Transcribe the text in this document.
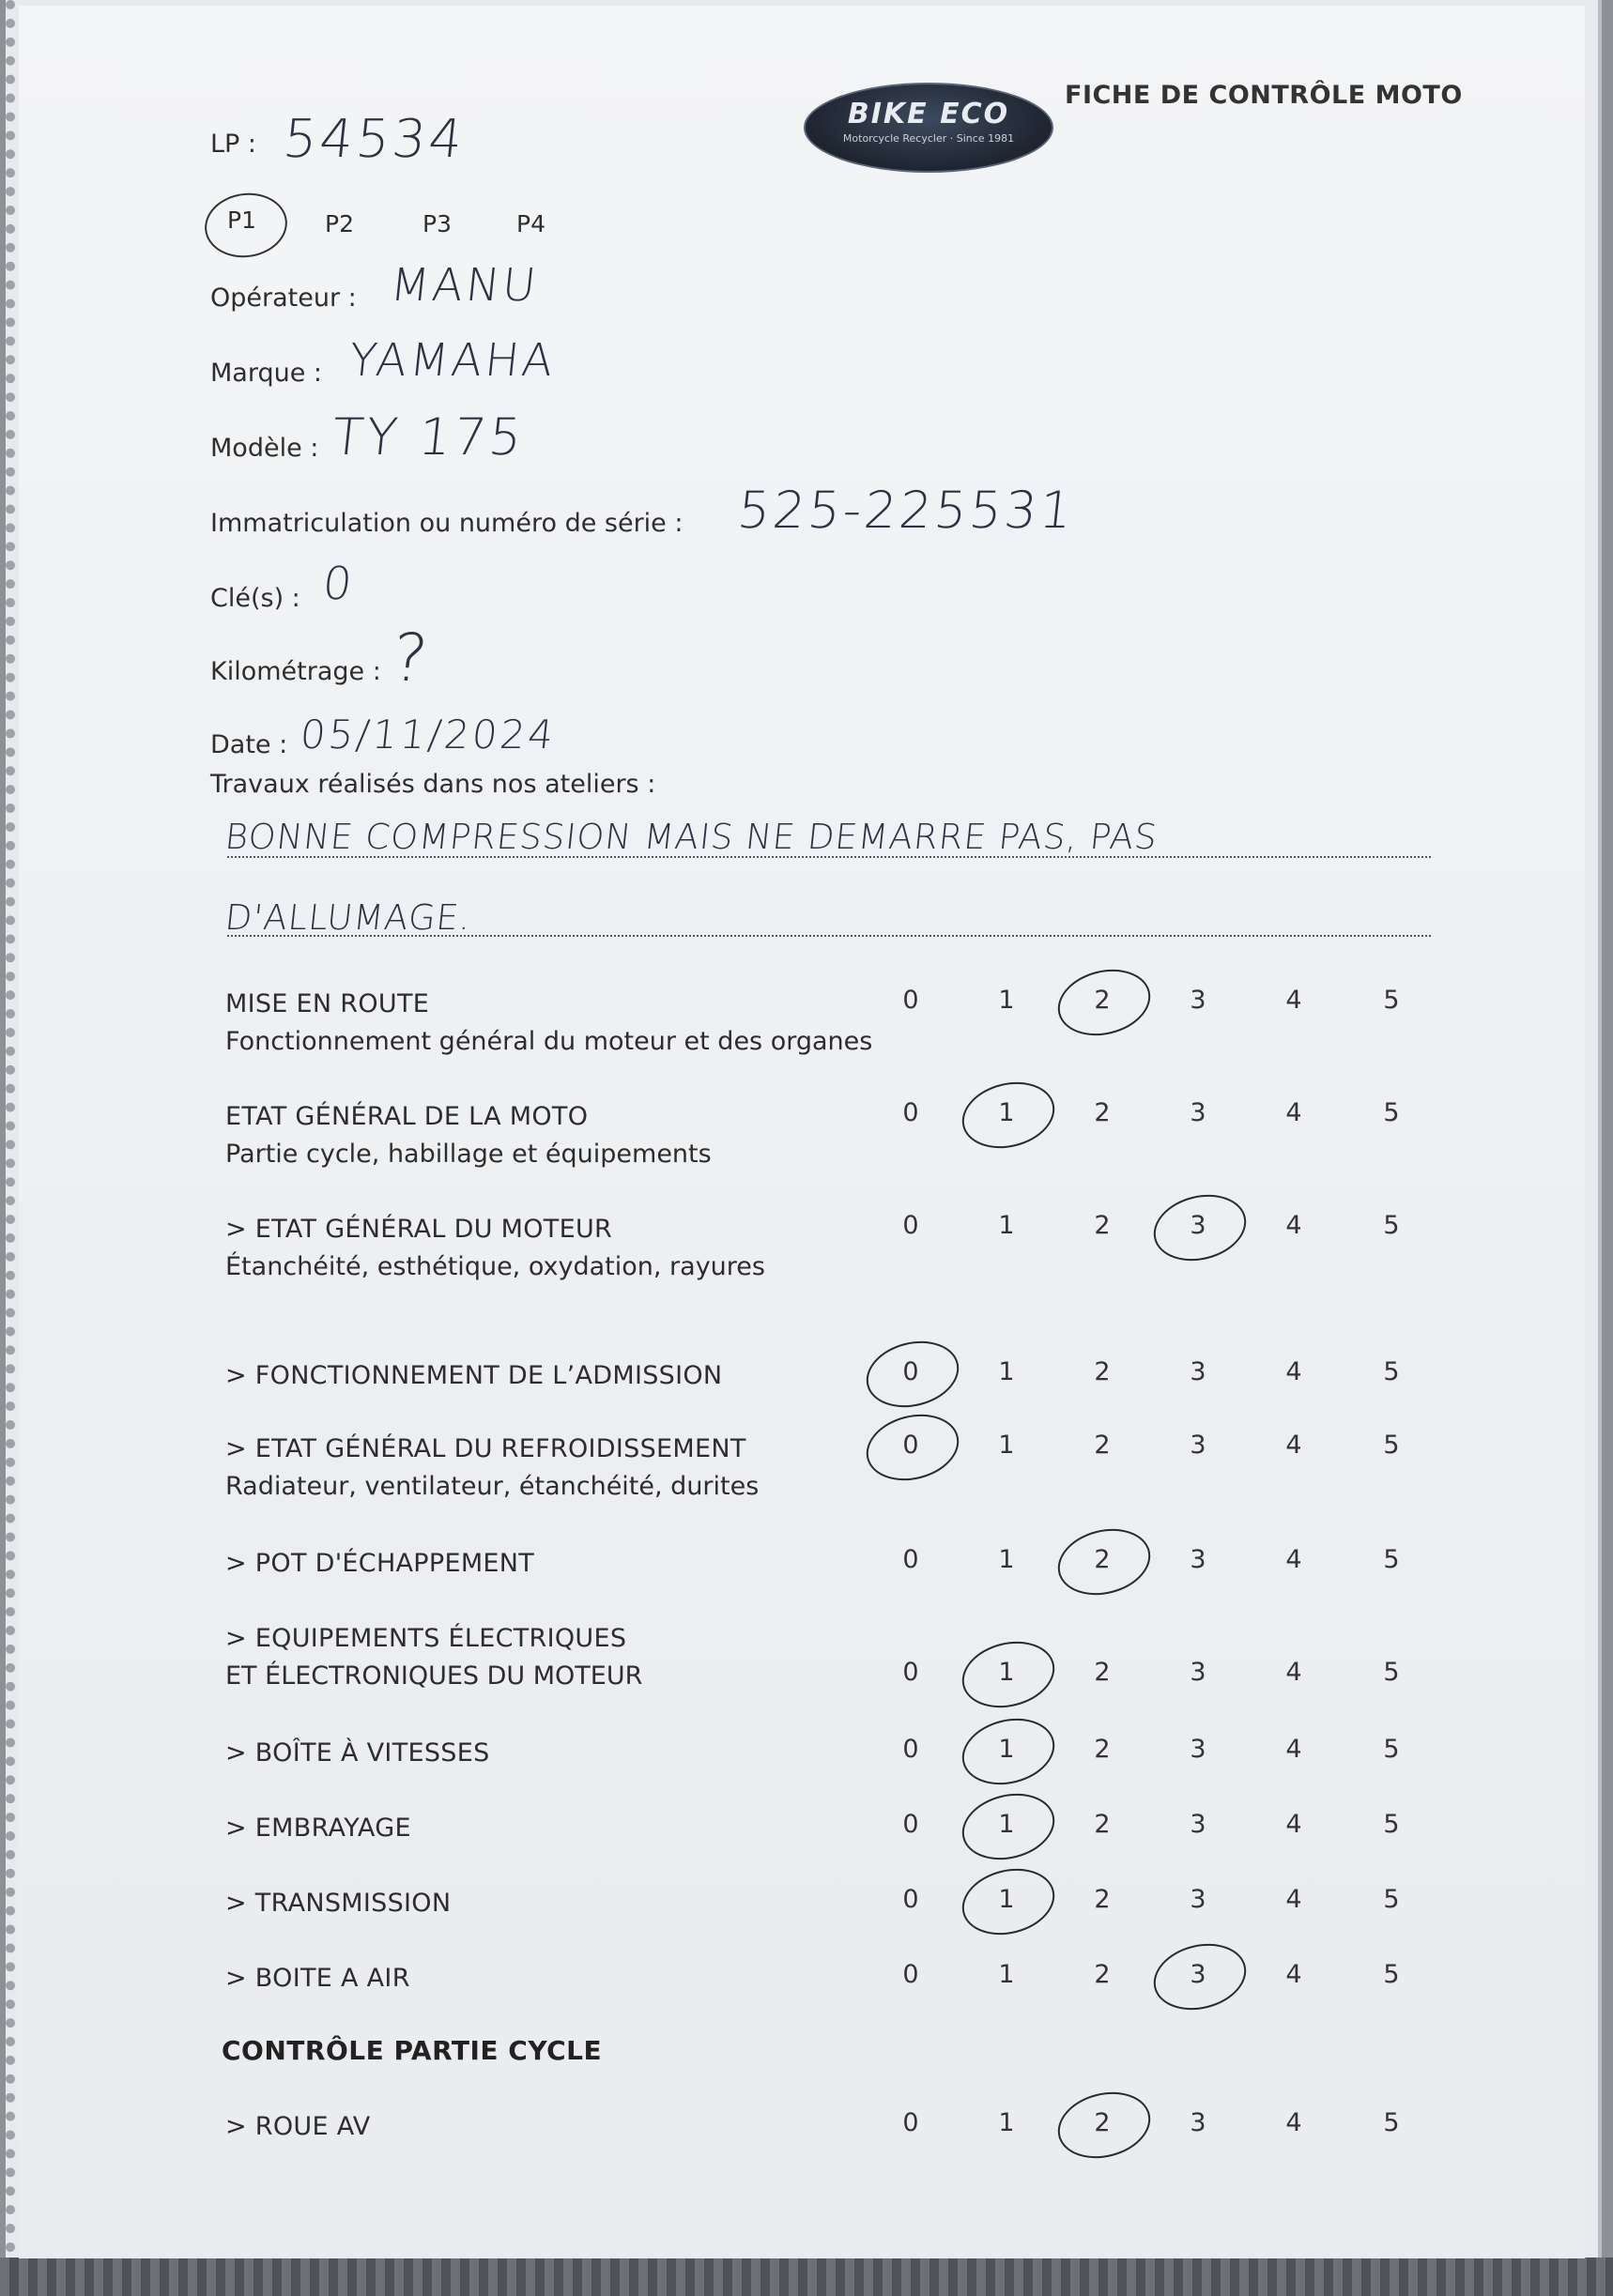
BIKE ECO
Motorcycle Recycler · Since 1981
FICHE DE CONTRÔLE MOTO
LP : 54534
P1	P2	P3	P4
Opérateur : MANU
Marque : YAMAHA
Modèle : TY 175
Immatriculation ou numéro de série : 525-225531
Clé(s) : 0
Kilométrage : ?
Date : 05/11/2024
Travaux réalisés dans nos ateliers :
BONNE COMPRESSION MAIS NE DEMARRE PAS, PAS
D'ALLUMAGE.
MISE EN ROUTE
Fonctionnement général du moteur et des organes
0	1	2	3	4	5
ETAT GÉNÉRAL DE LA MOTO
Partie cycle, habillage et équipements
0	1	2	3	4	5
> ETAT GÉNÉRAL DU MOTEUR
Étanchéité, esthétique, oxydation, rayures
0	1	2	3	4	5
> FONCTIONNEMENT DE L’ADMISSION	0	1	2	3	4	5
> ETAT GÉNÉRAL DU REFROIDISSEMENT
Radiateur, ventilateur, étanchéité, durites
0	1	2	3	4	5
> POT D'ÉCHAPPEMENT	0	1	2	3	4	5
> EQUIPEMENTS ÉLECTRIQUES
ET ÉLECTRONIQUES DU MOTEUR	0	1	2	3	4	5
> BOÎTE À VITESSES	0	1	2	3	4	5
> EMBRAYAGE	0	1	2	3	4	5
> TRANSMISSION	0	1	2	3	4	5
> BOITE A AIR	0	1	2	3	4	5
CONTRÔLE PARTIE CYCLE
> ROUE AV	0	1	2	3	4	5
